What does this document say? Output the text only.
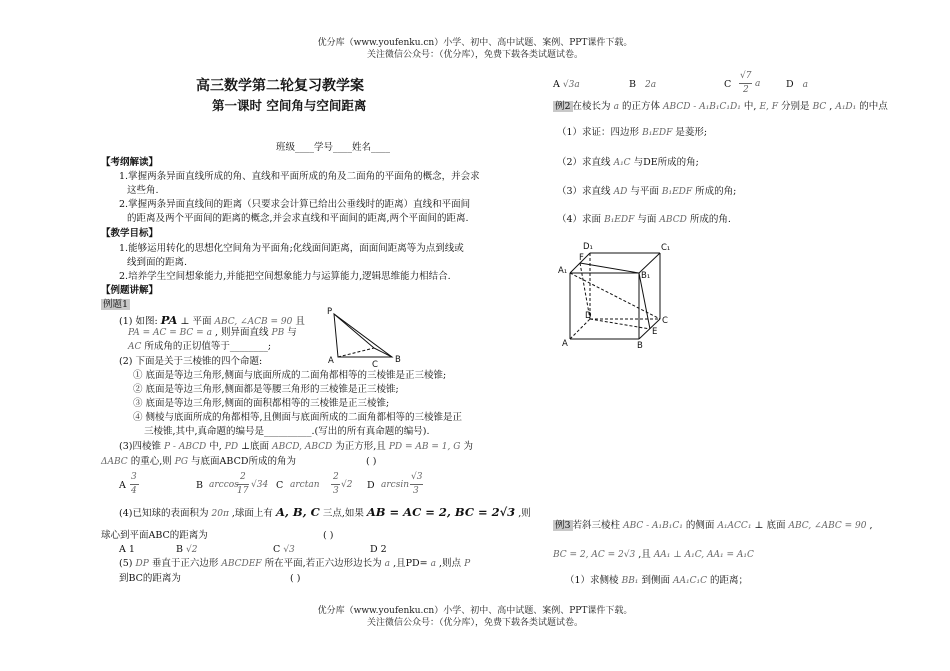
优分库（www.youfenku.cn）小学、初中、高中试题、案例、PPT课件下载。
关注微信公众号：（优分库），免费下载各类试题试卷。
高三数学第二轮复习教学案
第一课时 空间角与空间距离
班级____学号____姓名____
【考纲解读】
1.掌握两条异面直线所成的角、直线和平面所成的角及二面角的平面角的概念，并会求
这些角.
2.掌握两条异面直线间的距离（只要求会计算已给出公垂线时的距离）直线和平面间
的距离及两个平面间的距离的概念,并会求直线和平面间的距离,两个平面间的距离.
【教学目标】
1.能够运用转化的思想化空间角为平面角;化线面间距离，面面间距离等为点到线或
线到面的距离.
2.培养学生空间想象能力,并能把空间想象能力与运算能力,逻辑思维能力相结合.
【例题讲解】
例题1
(1) 如图: PA ⊥ 平面 ABC, ∠ACB = 90 且
PA = AC = BC = a , 则异面直线 PB 与
AC 所成角的正切值等于________;
P
A	C B
(2) 下面是关于三棱锥的四个命题:
① 底面是等边三角形,侧面与底面所成的二面角都相等的三棱锥是正三棱锥;
② 底面是等边三角形,侧面都是等腰三角形的三棱锥是正三棱锥;
③ 底面是等边三角形,侧面的面积都相等的三棱锥是正三棱锥;
④ 侧棱与底面所成的角都相等,且侧面与底面所成的二面角都相等的三棱锥是正
三棱锥,其中,真命题的编号是__________.(写出的所有真命题的编号).
(3)四棱锥 P - ABCD 中, PD ⊥底面 ABCD, ABCD 为正方形,且 PD = AB = 1, G 为
ΔABC 的重心,则 PG 与底面ABCD所成的角为	( )
A
3
4	B arccos
2
17
√34 C arctan
2
3
√2 D arcsin
√3
3
(4)已知球的表面积为 20π ,球面上有 A, B, C 三点,如果 AB = AC = 2, BC = 2√3 ,则
球心到平面ABC的距离为	( )
A 1	B √2	C √3	D 2
(5) DP 垂直于正六边形 ABCDEF 所在平面,若正六边形边长为 a ,且PD= a ,则点 P
到BC的距离为	( )
A √3a	B 2a	C
√7
2
a	D a
例2 在棱长为 a 的正方体 ABCD - A₁B₁C₁D₁ 中, E, F 分别是 BC , A₁D₁ 的中点
（1）求证：四边形 B₁EDF 是菱形;
（2）求直线 A₁C 与DE所成的角;
（3）求直线 AD 与平面 B₁EDF 所成的角;
（4）求面 B₁EDF 与面 ABCD 所成的角.
D₁	C₁
A₁	B₁
F
D	C
E
A	B
例3 若斜三棱柱 ABC - A₁B₁C₁ 的侧面 A₁ACC₁ ⊥ 底面 ABC, ∠ABC = 90 ,
BC = 2, AC = 2√3 ,且 AA₁ ⊥ A₁C, AA₁ = A₁C
（1）求侧棱 BB₁ 到侧面 AA₁C₁C 的距离；
优分库（www.youfenku.cn）小学、初中、高中试题、案例、PPT课件下载。
关注微信公众号：（优分库），免费下载各类试题试卷。
